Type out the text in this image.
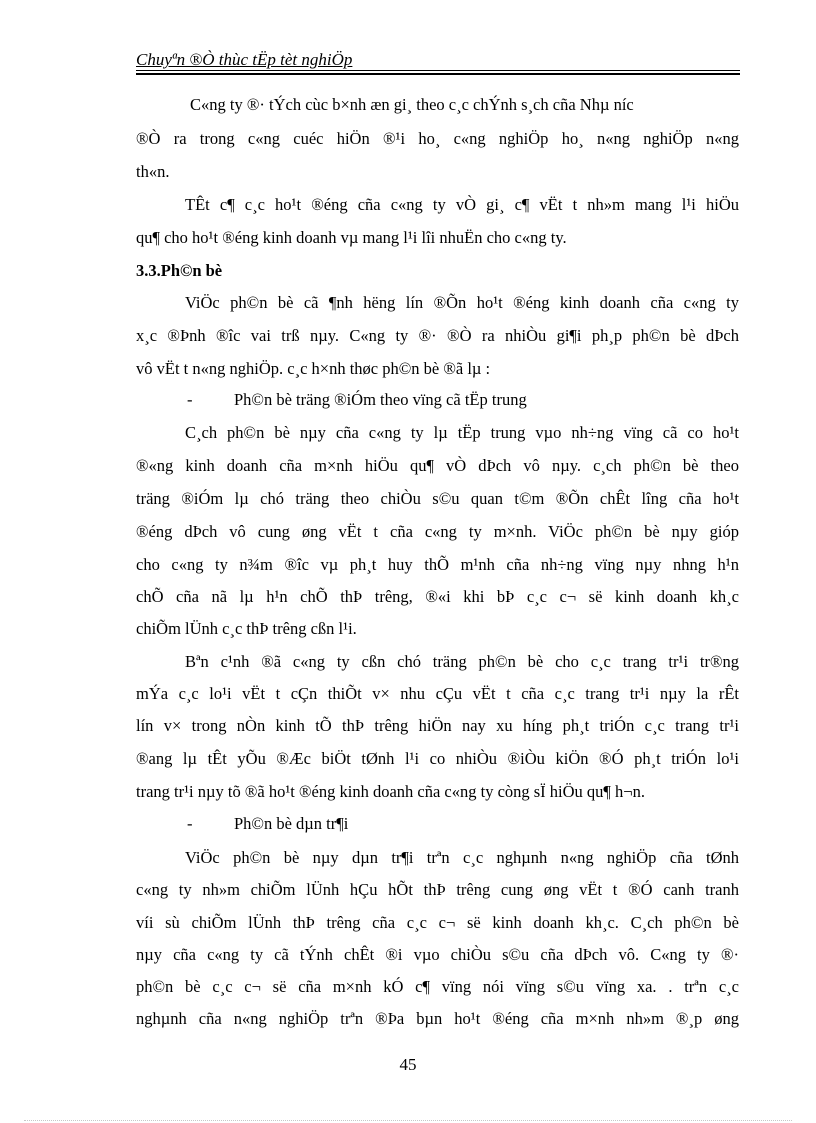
Chuyªn ®Ò thùc tËp tèt nghiÖp
C«ng ty ®· tÝch cùc b×nh æn gi¸ theo c¸c chÝnh s¸ch cña Nhµ níc
®Ò ra trong c«ng cuéc hiÖn ®¹i ho¸ c«ng nghiÖp ho¸ n«ng nghiÖp n«ng
th«n.
TÊt c¶ c¸c ho¹t ®éng cña c«ng ty vÒ gi¸ c¶ vËt t nh»m mang l¹i hiÖu
qu¶ cho ho¹t ®éng kinh doanh vµ mang l¹i lîi nhuËn cho c«ng ty.
3.3.Ph©n bè
ViÖc ph©n bè cã ¶nh hëng lín ®Õn ho¹t ®éng kinh doanh cña c«ng ty
x¸c ®Þnh ®îc vai trß nµy. C«ng ty ®· ®Ò ra nhiÒu gi¶i ph¸p ph©n bè dÞch
vô vËt t n«ng nghiÖp. c¸c h×nh thøc ph©n bè ®ã lµ :
-	Ph©n bè träng ®iÓm theo vïng cã tËp trung
C¸ch ph©n bè nµy cña c«ng ty lµ tËp trung vµo nh÷ng vïng cã co ho¹t
®«ng kinh doanh cña m×nh hiÖu qu¶ vÒ dÞch vô nµy. c¸ch ph©n bè theo
träng ®iÓm lµ chó träng theo chiÒu s©u quan t©m ®Õn chÊt lîng cña ho¹t
®éng dÞch vô cung øng vËt t cña c«ng ty m×nh. ViÖc ph©n bè nµy gióp
cho c«ng ty n¾m ®îc vµ ph¸t huy thÕ m¹nh cña nh÷ng vïng nµy nhng h¹n
chÕ cña nã lµ h¹n chÕ thÞ trêng, ®«i khi bÞ c¸c c¬ së kinh doanh kh¸c
chiÕm lÜnh c¸c thÞ trêng cßn l¹i.
Bªn c¹nh ®ã c«ng ty cßn chó träng ph©n bè cho c¸c trang tr¹i tr®ng
mÝa c¸c lo¹i vËt t cÇn thiÕt v× nhu cÇu vËt t cña c¸c trang tr¹i nµy la rÊt
lín v× trong nÒn kinh tÕ thÞ trêng hiÖn nay xu híng ph¸t triÓn c¸c trang tr¹i
®ang lµ tÊt yÕu ®Æc biÖt tØnh l¹i co nhiÒu ®iÒu kiÖn ®Ó ph¸t triÓn lo¹i
trang tr¹i nµy tõ ®ã ho¹t ®éng kinh doanh cña c«ng ty còng sÏ hiÖu qu¶ h¬n.
-	Ph©n bè dµn tr¶i
ViÖc ph©n bè nµy dµn tr¶i trªn c¸c nghµnh n«ng nghiÖp cña tØnh
c«ng ty nh»m chiÕm lÜnh hÇu hÕt thÞ trêng cung øng vËt t ®Ó canh tranh
víi sù chiÕm lÜnh thÞ trêng cña c¸c c¬ së kinh doanh kh¸c. C¸ch ph©n bè
nµy cña c«ng ty cã tÝnh chÊt ®i vµo chiÒu s©u cña dÞch vô. C«ng ty ®·
ph©n bè c¸c c¬ së cña m×nh kÓ c¶ vïng nói vïng s©u vïng xa. . trªn c¸c
nghµnh cña n«ng nghiÖp trªn ®Þa bµn ho¹t ®éng cña m×nh nh»m ®¸p øng
45
